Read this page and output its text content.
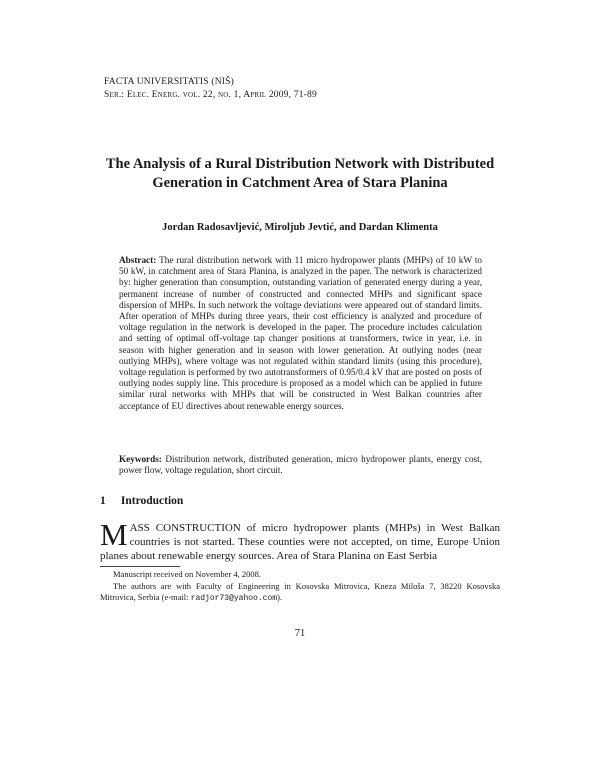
FACTA UNIVERSITATIS (NIŠ)
Ser.: Elec. Energ. vol. 22, no. 1, April 2009, 71-89
The Analysis of a Rural Distribution Network with Distributed Generation in Catchment Area of Stara Planina
Jordan Radosavljević, Miroljub Jevtić, and Dardan Klimenta
Abstract: The rural distribution network with 11 micro hydropower plants (MHPs) of 10 kW to 50 kW, in catchment area of Stara Planina, is analyzed in the paper. The network is characterized by: higher generation than consumption, outstanding variation of generated energy during a year, permanent increase of number of constructed and connected MHPs and significant space dispersion of MHPs. In such network the voltage deviations were appeared out of standard limits. After operation of MHPs during three years, their cost efficiency is analyzed and procedure of voltage regulation in the network is developed in the paper. The procedure includes calculation and setting of optimal off-voltage tap changer positions at transformers, twice in year, i.e. in season with higher generation and in season with lower generation. At outlying nodes (near outlying MHPs), where voltage was not regulated within standard limits (using this procedure), voltage regulation is performed by two autotransformers of 0.95/0.4 kV that are posted on posts of outlying nodes supply line. This procedure is proposed as a model which can be applied in future similar rural networks with MHPs that will be constructed in West Balkan countries after acceptance of EU directives about renewable energy sources.
Keywords: Distribution network, distributed generation, micro hydropower plants, energy cost, power flow, voltage regulation, short circuit.
1 Introduction
MASS CONSTRUCTION of micro hydropower plants (MHPs) in West Balkan countries is not started. These counties were not accepted, on time, Europe Union planes about renewable energy sources. Area of Stara Planina on East Serbia

Manuscript received on November 4, 2008.

The authors are with Faculty of Engineering in Kosovska Mitrovica, Kneza Miloša 7, 38220 Kosovska Mitrovica, Serbia (e-mail: radjor73@yahoo.com).

71
